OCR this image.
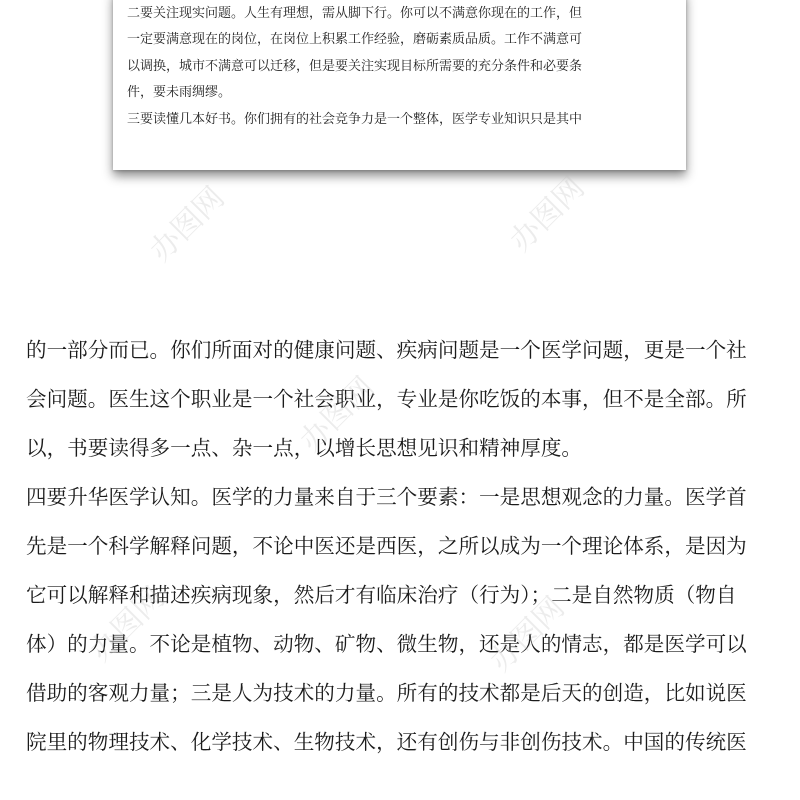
二要关注现实问题。人生有理想，需从脚下行。你可以不满意你现在的工作，但
一定要满意现在的岗位，在岗位上积累工作经验，磨砺素质品质。工作不满意可
以调换，城市不满意可以迁移，但是要关注实现目标所需要的充分条件和必要条
件，要未雨绸缪。
三要读懂几本好书。你们拥有的社会竞争力是一个整体，医学专业知识只是其中
的一部分而已。你们所面对的健康问题、疾病问题是一个医学问题，更是一个社
会问题。医生这个职业是一个社会职业，专业是你吃饭的本事，但不是全部。所
以，书要读得多一点、杂一点，以增长思想见识和精神厚度。
四要升华医学认知。医学的力量来自于三个要素：一是思想观念的力量。医学首
先是一个科学解释问题，不论中医还是西医，之所以成为一个理论体系，是因为
它可以解释和描述疾病现象，然后才有临床治疗（行为）；二是自然物质（物自
体）的力量。不论是植物、动物、矿物、微生物，还是人的情志，都是医学可以
借助的客观力量；三是人为技术的力量。所有的技术都是后天的创造，比如说医
院里的物理技术、化学技术、生物技术，还有创伤与非创伤技术。中国的传统医
办图网	办图网
办图网
办图网	办图网
